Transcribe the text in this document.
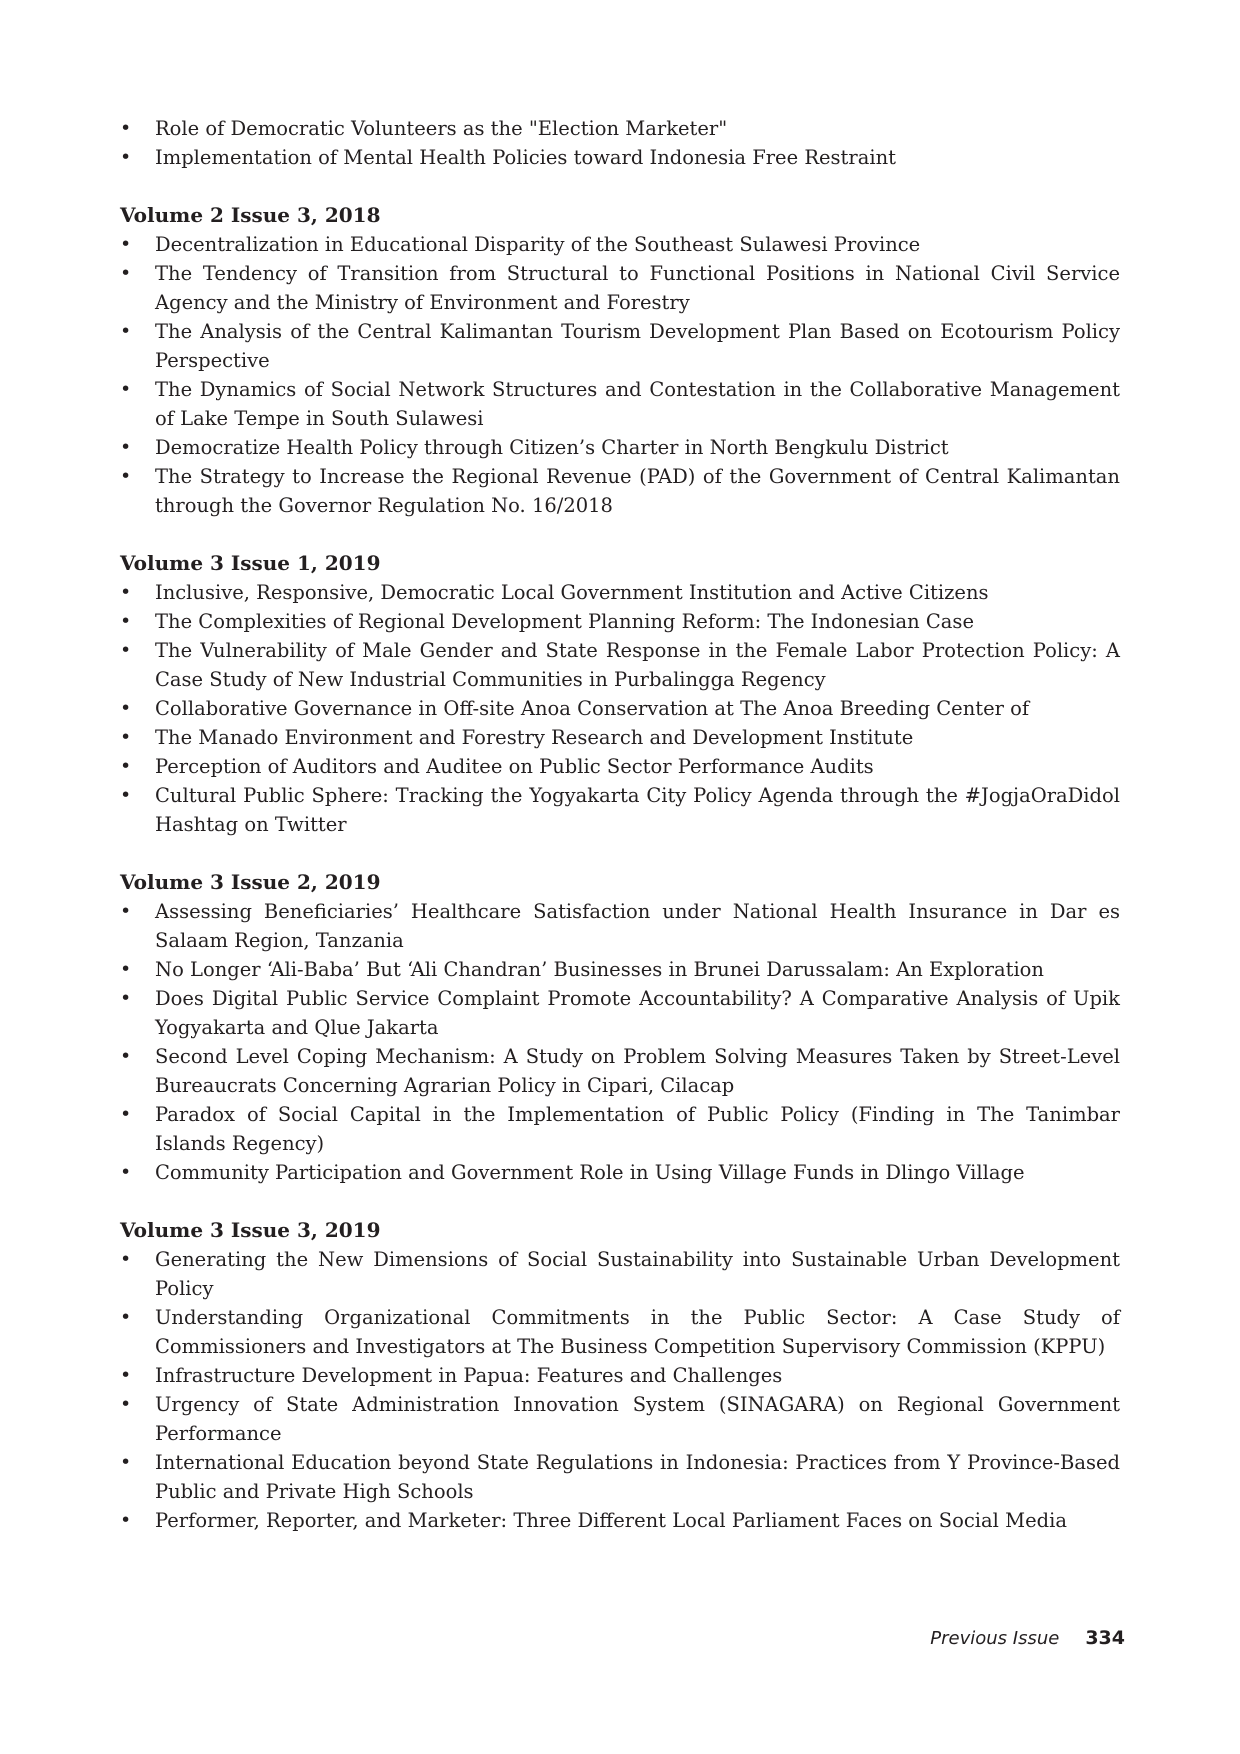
•	Role of Democratic Volunteers as the "Election Marketer"
•	Implementation of Mental Health Policies toward Indonesia Free Restraint
Volume 2 Issue 3, 2018
•	Decentralization in Educational Disparity of the Southeast Sulawesi Province
•	The Tendency of Transition from Structural to Functional Positions in National Civil Service Agency and the Ministry of Environment and Forestry
•	The Analysis of the Central Kalimantan Tourism Development Plan Based on Ecotourism Policy Perspective
•	The Dynamics of Social Network Structures and Contestation in the Collaborative Management of Lake Tempe in South Sulawesi
•	Democratize Health Policy through Citizen’s Charter in North Bengkulu District
•	The Strategy to Increase the Regional Revenue (PAD) of the Government of Central Kalimantan through the Governor Regulation No. 16/2018
Volume 3 Issue 1, 2019
•	Inclusive, Responsive, Democratic Local Government Institution and Active Citizens
•	The Complexities of Regional Development Planning Reform: The Indonesian Case
•	The Vulnerability of Male Gender and State Response in the Female Labor Protection Policy: A Case Study of New Industrial Communities in Purbalingga Regency
•	Collaborative Governance in Off-site Anoa Conservation at The Anoa Breeding Center of
•	The Manado Environment and Forestry Research and Development Institute
•	Perception of Auditors and Auditee on Public Sector Performance Audits
•	Cultural Public Sphere: Tracking the Yogyakarta City Policy Agenda through the #JogjaOraDidol Hashtag on Twitter
Volume 3 Issue 2, 2019
•	Assessing Beneficiaries’ Healthcare Satisfaction under National Health Insurance in Dar es Salaam Region, Tanzania
•	No Longer ‘Ali-Baba’ But ‘Ali Chandran’ Businesses in Brunei Darussalam: An Exploration
•	Does Digital Public Service Complaint Promote Accountability? A Comparative Analysis of Upik Yogyakarta and Qlue Jakarta
•	Second Level Coping Mechanism: A Study on Problem Solving Measures Taken by Street-Level Bureaucrats Concerning Agrarian Policy in Cipari, Cilacap
•	Paradox of Social Capital in the Implementation of Public Policy (Finding in The Tanimbar Islands Regency)
•	Community Participation and Government Role in Using Village Funds in Dlingo Village
Volume 3 Issue 3, 2019
•	Generating the New Dimensions of Social Sustainability into Sustainable Urban Development Policy
•	Understanding Organizational Commitments in the Public Sector: A Case Study of Commissioners and Investigators at The Business Competition Supervisory Commission (KPPU)
•	Infrastructure Development in Papua: Features and Challenges
•	Urgency of State Administration Innovation System (SINAGARA) on Regional Government Performance
•	International Education beyond State Regulations in Indonesia: Practices from Y Province-Based Public and Private High Schools
•	Performer, Reporter, and Marketer: Three Different Local Parliament Faces on Social Media
Previous Issue 334
